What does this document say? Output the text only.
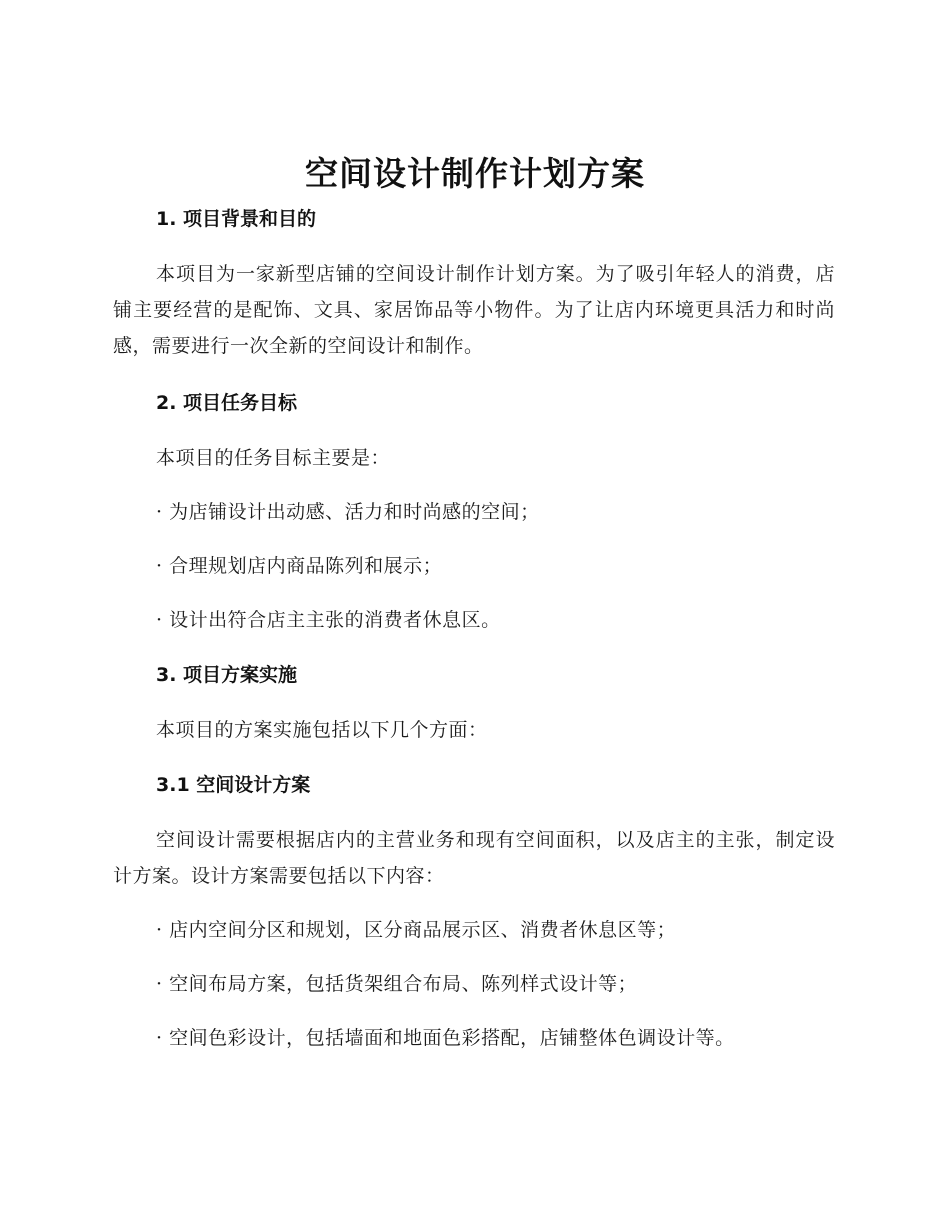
空间设计制作计划方案

1. 项目背景和目的

本项目为一家新型店铺的空间设计制作计划方案。为了吸引年轻人的消费，店铺主要经营的是配饰、文具、家居饰品等小物件。为了让店内环境更具活力和时尚感，需要进行一次全新的空间设计和制作。

2. 项目任务目标

本项目的任务目标主要是：

· 为店铺设计出动感、活力和时尚感的空间；

· 合理规划店内商品陈列和展示；

· 设计出符合店主主张的消费者休息区。

3. 项目方案实施

本项目的方案实施包括以下几个方面：

3.1 空间设计方案

空间设计需要根据店内的主营业务和现有空间面积，以及店主的主张，制定设计方案。设计方案需要包括以下内容：

· 店内空间分区和规划，区分商品展示区、消费者休息区等；

· 空间布局方案，包括货架组合布局、陈列样式设计等；

· 空间色彩设计，包括墙面和地面色彩搭配，店铺整体色调设计等。
